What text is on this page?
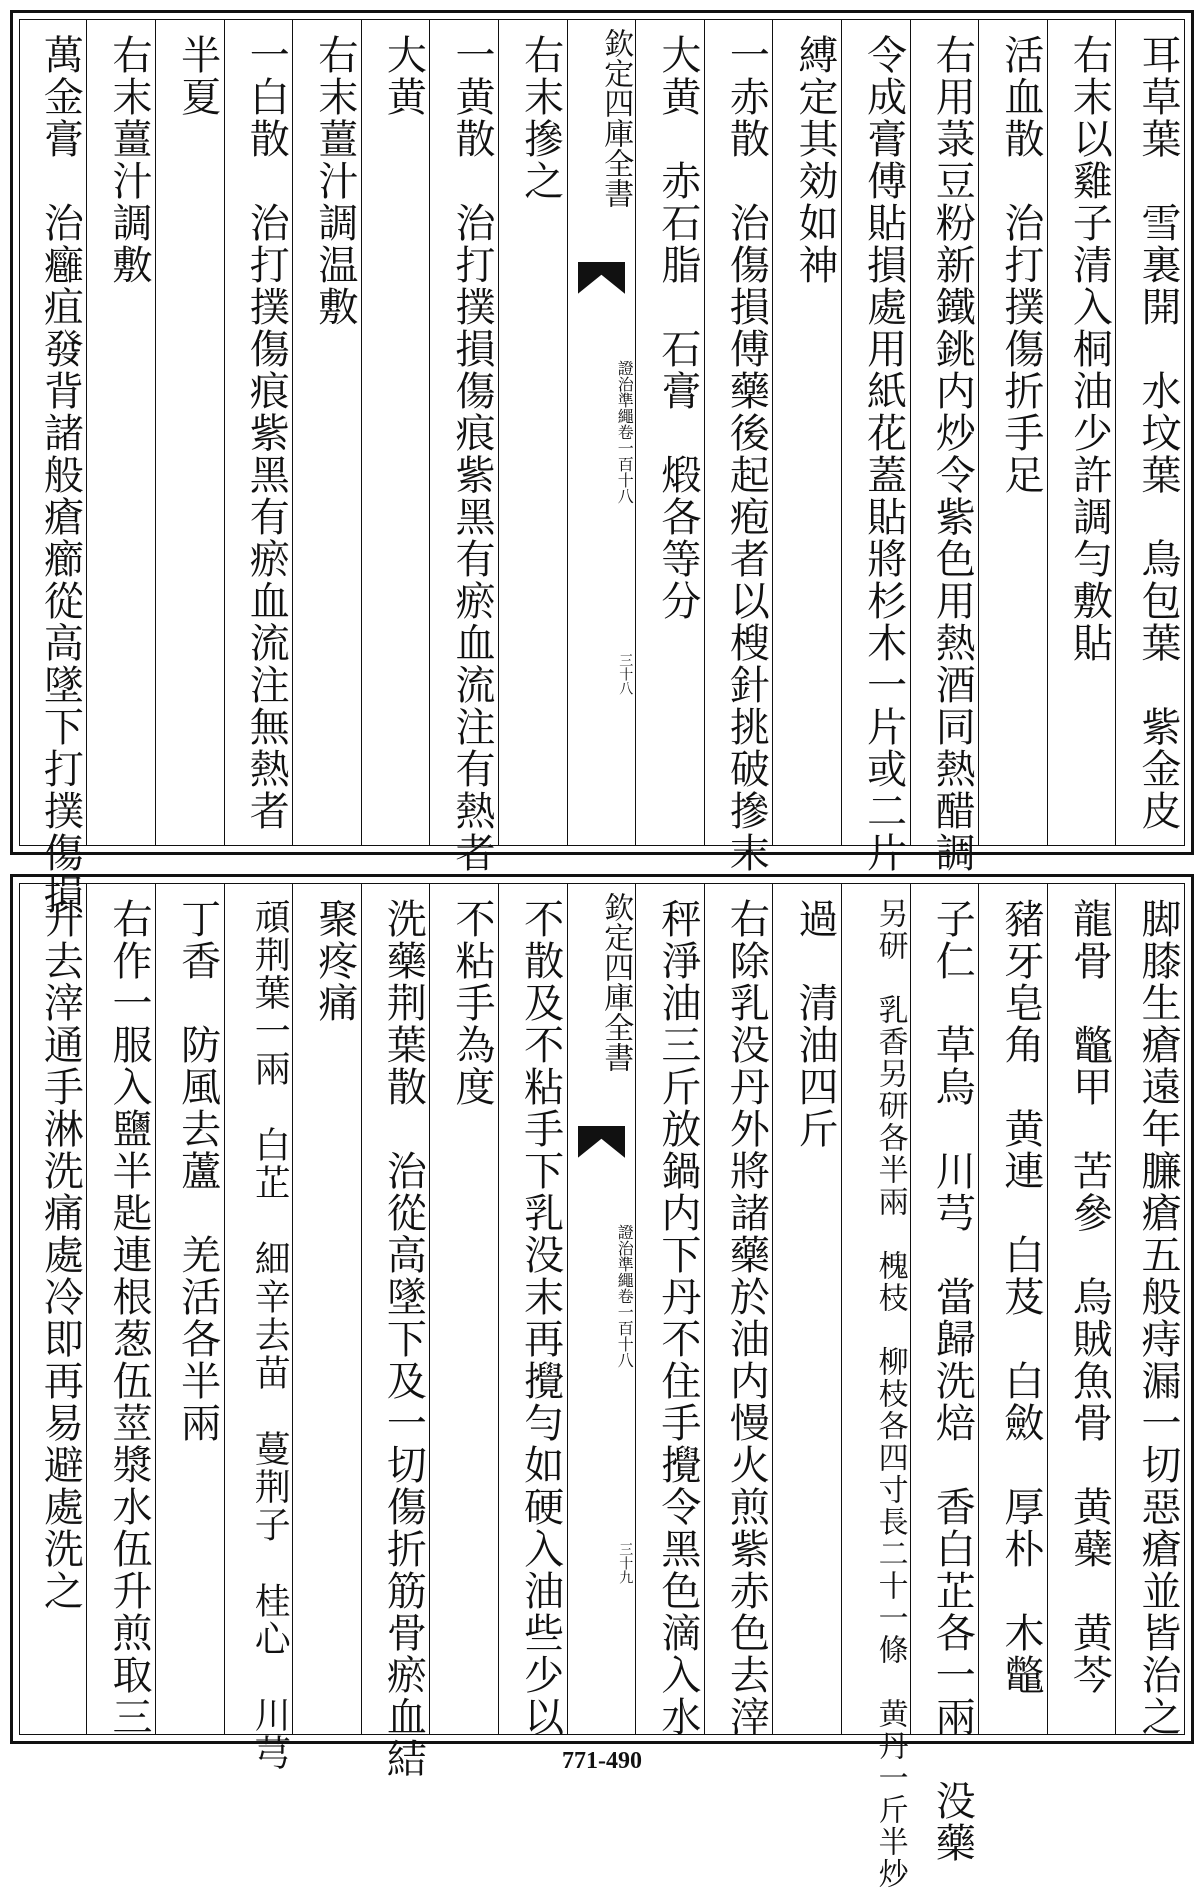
耳草葉　雪裏開　水坟葉　鳥包葉　紫金皮
右末以雞子清入桐油少許調勻敷貼
活血散　治打撲傷折手足
右用菉豆粉新鐵銚内炒令紫色用熱酒同熱醋調
令成膏傅貼損處用紙花蓋貼將杉木一片或二片
縛定其効如神
一赤散　治傷損傅藥後起疱者以㮴針挑破摻末
大黄　赤石脂　石膏　煅各等分
欽定四庫全書
證治準繩卷一百十八
三十八
右末摻之
一黄散　治打撲損傷痕紫黑有瘀血流注有熱者
大黄
右末薑汁調温敷
一白散　治打撲傷痕紫黑有瘀血流注無熱者
半夏
右末薑汁調敷
萬金膏　治癰疽發背諸般瘡癤從高墜下打撲傷損
脚膝生瘡遠年臁瘡五般痔漏一切惡瘡並皆治之
龍骨　鼈甲　苦參　烏賊魚骨　黄蘗　黄芩
豬牙皂角　黄連　白芨　白斂　厚朴　木鼈
子仁　草烏　川芎　當歸洗焙　香白芷各一兩　没藥
另研　乳香另研各半兩　槐枝　柳枝各四寸長二十一條　黄丹一斤半炒
過　清油四斤
右除乳没丹外將諸藥於油内慢火煎紫赤色去滓
秤淨油三斤放鍋内下丹不住手攪令黑色滴入水
欽定四庫全書
證治準繩卷一百十八
三十九
不散及不粘手下乳没末再攪勻如硬入油些少以
不粘手為度
洗藥荆葉散　治從高墜下及一切傷折筋骨瘀血結
聚疼痛
頑荆葉一兩　白芷　細辛去苗　蔓荆子　桂心　川芎
丁香　防風去蘆　羌活各半兩
右作一服入鹽半匙連根葱伍莖漿水伍升煎取三
升去滓通手淋洗痛處冷即再易避處洗之
771-490
